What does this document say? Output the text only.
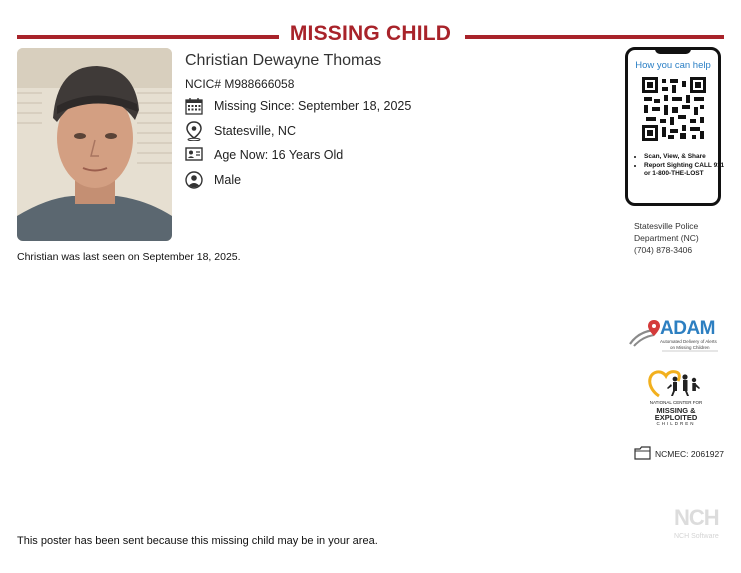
MISSING CHILD
Christian Dewayne Thomas
NCIC# M988666058
Missing Since: September 18, 2025
Statesville, NC
Age Now: 16 Years Old
Male
Christian was last seen on September 18, 2025.
How you can help
• Scan, View, & Share
• Report Sighting CALL 911 or 1-800-THE-LOST
Statesville Police
Department (NC)
(704) 878-3406
ADAM
Automated Delivery of Alerts
on Missing Children
NATIONAL CENTER FOR
MISSING &
EXPLOITED
CHILDREN
NCMEC: 2061927
NCH
NCH Software
This poster has been sent because this missing child may be in your area.
